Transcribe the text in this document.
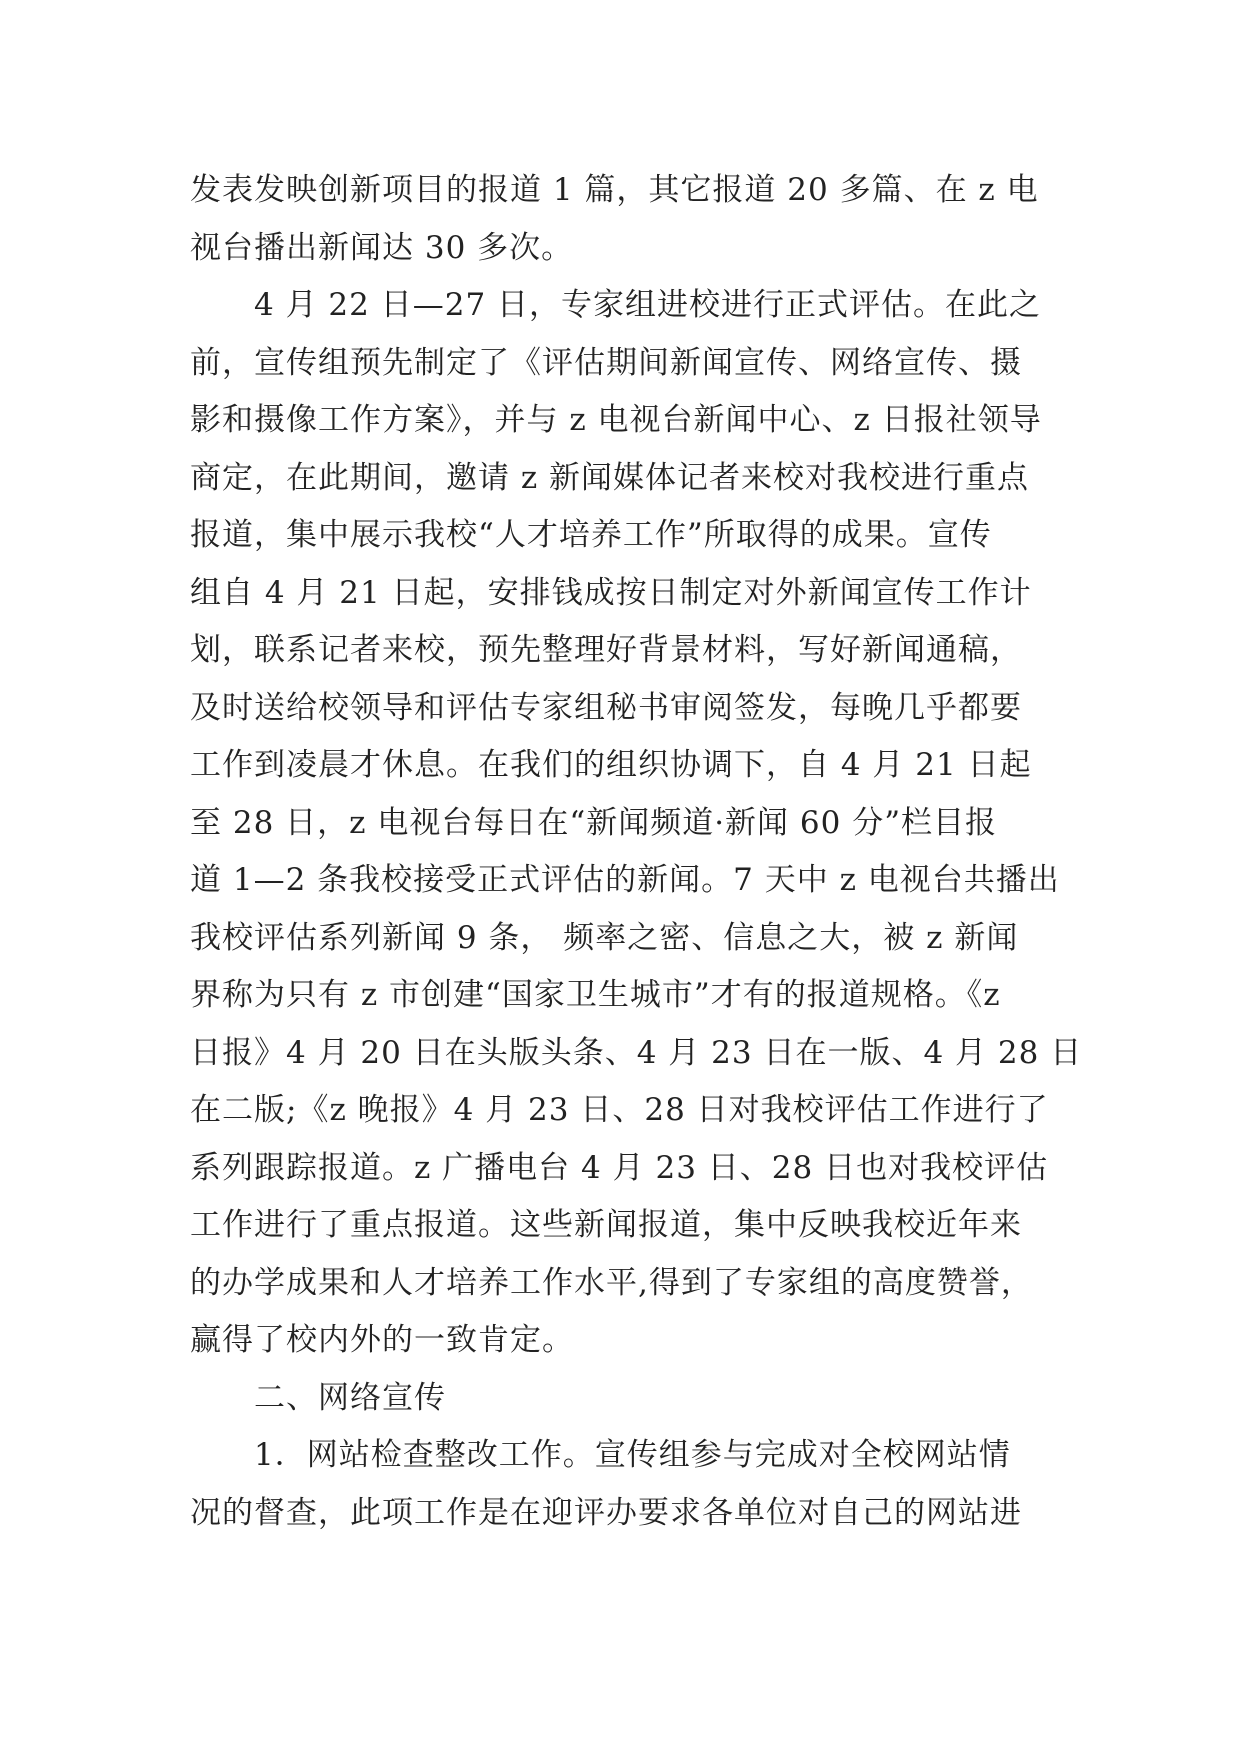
发表发映创新项目的报道 1 篇，其它报道 20 多篇、在 z 电
视台播出新闻达 30 多次。
　　4 月 22 日—27 日，专家组进校进行正式评估。在此之
前，宣传组预先制定了《评估期间新闻宣传、网络宣传、摄
影和摄像工作方案》，并与 z 电视台新闻中心、z 日报社领导
商定，在此期间，邀请 z 新闻媒体记者来校对我校进行重点
报道，集中展示我校“人才培养工作”所取得的成果。宣传
组自 4 月 21 日起，安排钱成按日制定对外新闻宣传工作计
划，联系记者来校，预先整理好背景材料，写好新闻通稿，
及时送给校领导和评估专家组秘书审阅签发，每晚几乎都要
工作到凌晨才休息。在我们的组织协调下，自 4 月 21 日起
至 28 日，z 电视台每日在“新闻频道·新闻 60 分”栏目报
道 1—2 条我校接受正式评估的新闻。7 天中 z 电视台共播出
我校评估系列新闻 9 条， 频率之密、信息之大，被 z 新闻
界称为只有 z 市创建“国家卫生城市”才有的报道规格。《z
日报》4 月 20 日在头版头条、4 月 23 日在一版、4 月 28 日
在二版;《z 晚报》4 月 23 日、28 日对我校评估工作进行了
系列跟踪报道。z 广播电台 4 月 23 日、28 日也对我校评估
工作进行了重点报道。这些新闻报道，集中反映我校近年来
的办学成果和人才培养工作水平,得到了专家组的高度赞誉，
赢得了校内外的一致肯定。
　　二、网络宣传
　　1．网站检查整改工作。宣传组参与完成对全校网站情
况的督查，此项工作是在迎评办要求各单位对自己的网站进
